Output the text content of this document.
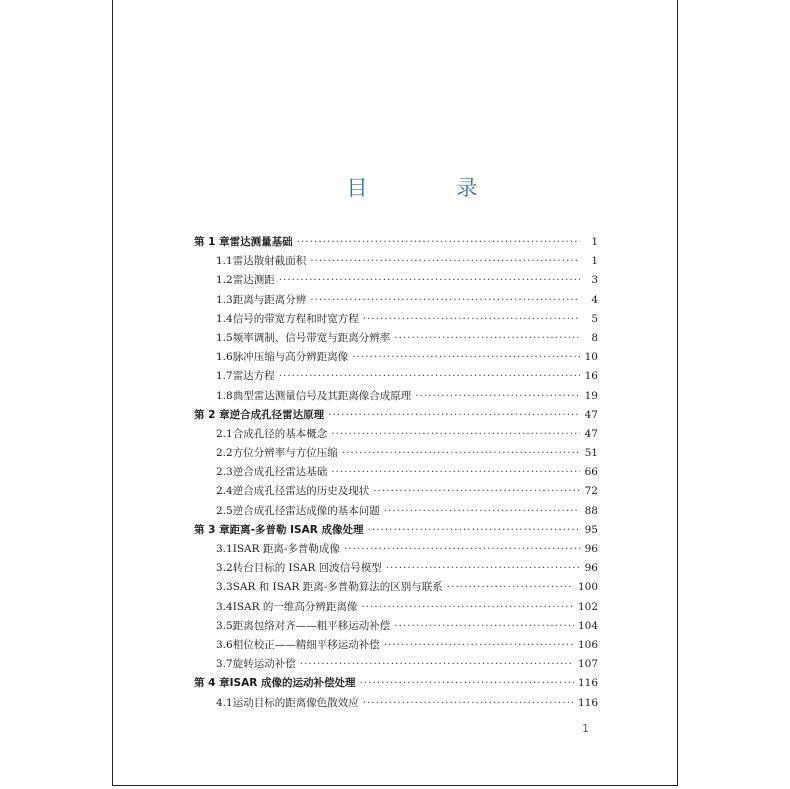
目　录
第 1 章 雷达测量基础 ·····	1
1.1 雷达散射截面积 ·····	1
1.2 雷达测距 ·····	3
1.3 距离与距离分辨 ·····	4
1.4 信号的带宽方程和时宽方程 ·····	5
1.5 频率调制、信号带宽与距离分辨率 ·····	8
1.6 脉冲压缩与高分辨距离像 ·····	10
1.7 雷达方程 ·····	16
1.8 典型雷达测量信号及其距离像合成原理 ·····	19
第 2 章 逆合成孔径雷达原理 ·····	47
2.1 合成孔径的基本概念 ·····	47
2.2 方位分辨率与方位压缩 ·····	51
2.3 逆合成孔径雷达基础 ·····	66
2.4 逆合成孔径雷达的历史及现状 ·····	72
2.5 逆合成孔径雷达成像的基本问题 ·····	88
第 3 章 距离-多普勒 ISAR 成像处理 ·····	95
3.1 ISAR 距离-多普勒成像 ·····	96
3.2 转台目标的 ISAR 回波信号模型 ·····	96
3.3 SAR 和 ISAR 距离-多普勒算法的区别与联系 ·····	100
3.4 ISAR 的一维高分辨距离像 ·····	102
3.5 距离包络对齐——粗平移运动补偿 ·····	104
3.6 相位校正——精细平移运动补偿 ·····	106
3.7 旋转运动补偿 ·····	107
第 4 章 ISAR 成像的运动补偿处理 ·····	116
4.1 运动目标的距离像色散效应 ·····	116
1
